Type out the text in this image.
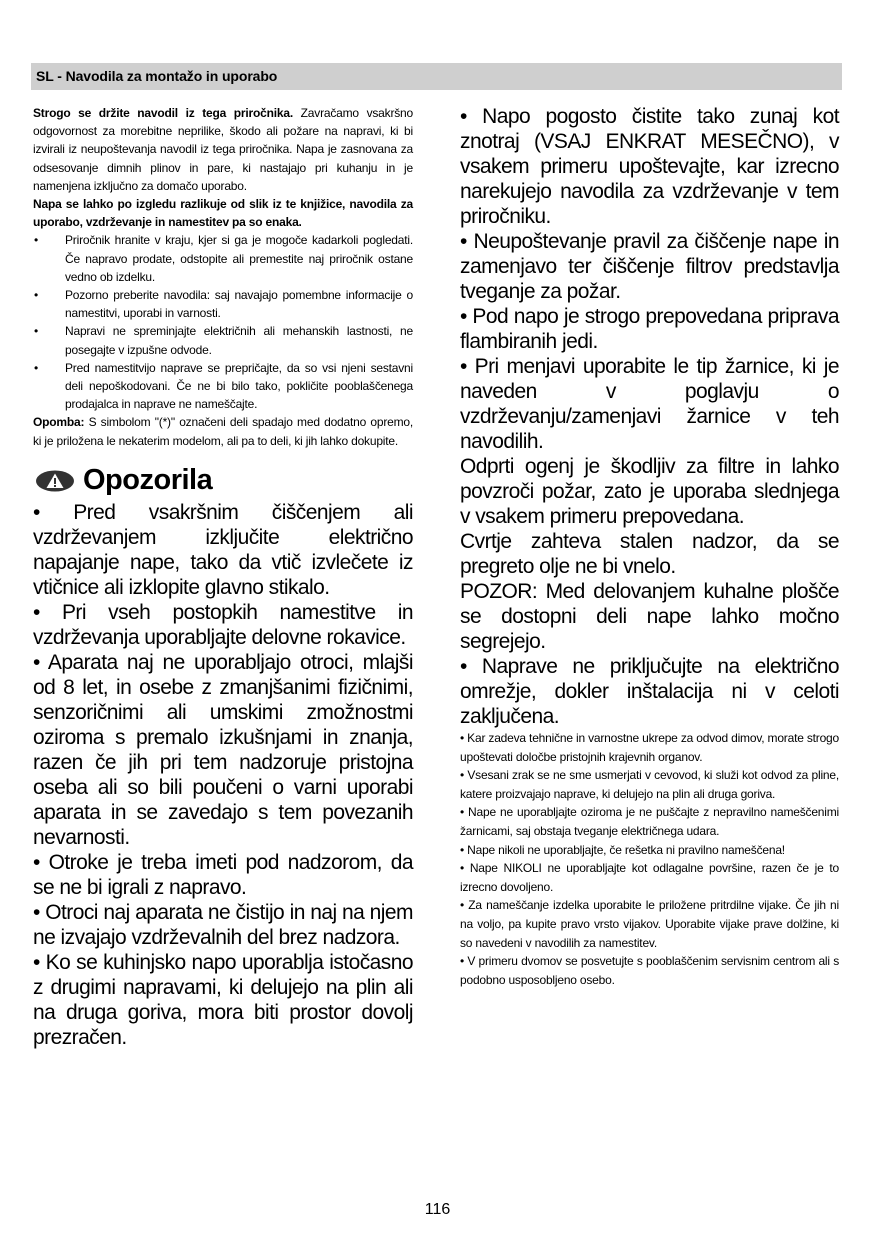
SL - Navodila za montažo in uporabo

Strogo se držite navodil iz tega priročnika. Zavračamo vsakršno odgovornost za morebitne neprilike, škodo ali požare na napravi, ki bi izvirali iz neupoštevanja navodil iz tega priročnika. Napa je zasnovana za odsesovanje dimnih plinov in pare, ki nastajajo pri kuhanju in je namenjena izključno za domačo uporabo.

Napa se lahko po izgledu razlikuje od slik iz te knjižice, navodila za uporabo, vzdrževanje in namestitev pa so enaka.

•	Priročnik hranite v kraju, kjer si ga je mogoče kadarkoli pogledati. Če napravo prodate, odstopite ali premestite naj priročnik ostane vedno ob izdelku.
•	Pozorno preberite navodila: saj navajajo pomembne informacije o namestitvi, uporabi in varnosti.
•	Napravi ne spreminjajte električnih ali mehanskih lastnosti, ne posegajte v izpušne odvode.
•	Pred namestitvijo naprave se prepričajte, da so vsi njeni sestavni deli nepoškodovani. Če ne bi bilo tako, pokličite pooblaščenega prodajalca in naprave ne nameščajte.

Opomba: S simbolom "(*)" označeni deli spadajo med dodatno opremo, ki je priložena le nekaterim modelom, ali pa to deli, ki jih lahko dokupite.

Opozorila

• Pred vsakršnim čiščenjem ali vzdrževanjem izključite električno napajanje nape, tako da vtič izvlečete iz vtičnice ali izklopite glavno stikalo.

• Pri vseh postopkih namestitve in vzdrževanja uporabljajte delovne rokavice.

• Aparata naj ne uporabljajo otroci, mlajši od 8 let, in osebe z zmanjšanimi fizičnimi, senzoričnimi ali umskimi zmožnostmi oziroma s premalo izkušnjami in znanja, razen če jih pri tem nadzoruje pristojna oseba ali so bili poučeni o varni uporabi aparata in se zavedajo s tem povezanih nevarnosti.

• Otroke je treba imeti pod nadzorom, da se ne bi igrali z napravo.

• Otroci naj aparata ne čistijo in naj na njem ne izvajajo vzdrževalnih del brez nadzora.

• Ko se kuhinjsko napo uporablja istočasno z drugimi napravami, ki delujejo na plin ali na druga goriva, mora biti prostor dovolj prezračen.

• Napo pogosto čistite tako zunaj kot znotraj (VSAJ ENKRAT MESEČNO), v vsakem primeru upoštevajte, kar izrecno narekujejo navodila za vzdrževanje v tem priročniku.

• Neupoštevanje pravil za čiščenje nape in zamenjavo ter čiščenje filtrov predstavlja tveganje za požar.

• Pod napo je strogo prepovedana priprava flambiranih jedi.

• Pri menjavi uporabite le tip žarnice, ki je naveden v poglavju o vzdrževanju/zamenjavi žarnice v teh navodilih.

Odprti ogenj je škodljiv za filtre in lahko povzroči požar, zato je uporaba slednjega v vsakem primeru prepovedana.

Cvrtje zahteva stalen nadzor, da se pregreto olje ne bi vnelo.

POZOR: Med delovanjem kuhalne plošče se dostopni deli nape lahko močno segrejejo.

• Naprave ne priključujte na električno omrežje, dokler inštalacija ni v celoti zaključena.

• Kar zadeva tehnične in varnostne ukrepe za odvod dimov, morate strogo upoštevati določbe pristojnih krajevnih organov.

• Vsesani zrak se ne sme usmerjati v cevovod, ki služi kot odvod za pline, katere proizvajajo naprave, ki delujejo na plin ali druga goriva.

• Nape ne uporabljajte oziroma je ne puščajte z nepravilno nameščenimi žarnicami, saj obstaja tveganje električnega udara.

• Nape nikoli ne uporabljajte, če rešetka ni pravilno nameščena!

• Nape NIKOLI ne uporabljajte kot odlagalne površine, razen če je to izrecno dovoljeno.

• Za nameščanje izdelka uporabite le priložene pritrdilne vijake. Če jih ni na voljo, pa kupite pravo vrsto vijakov. Uporabite vijake prave dolžine, ki so navedeni v navodilih za namestitev.

• V primeru dvomov se posvetujte s pooblaščenim servisnim centrom ali s podobno usposobljeno osebo.

116
